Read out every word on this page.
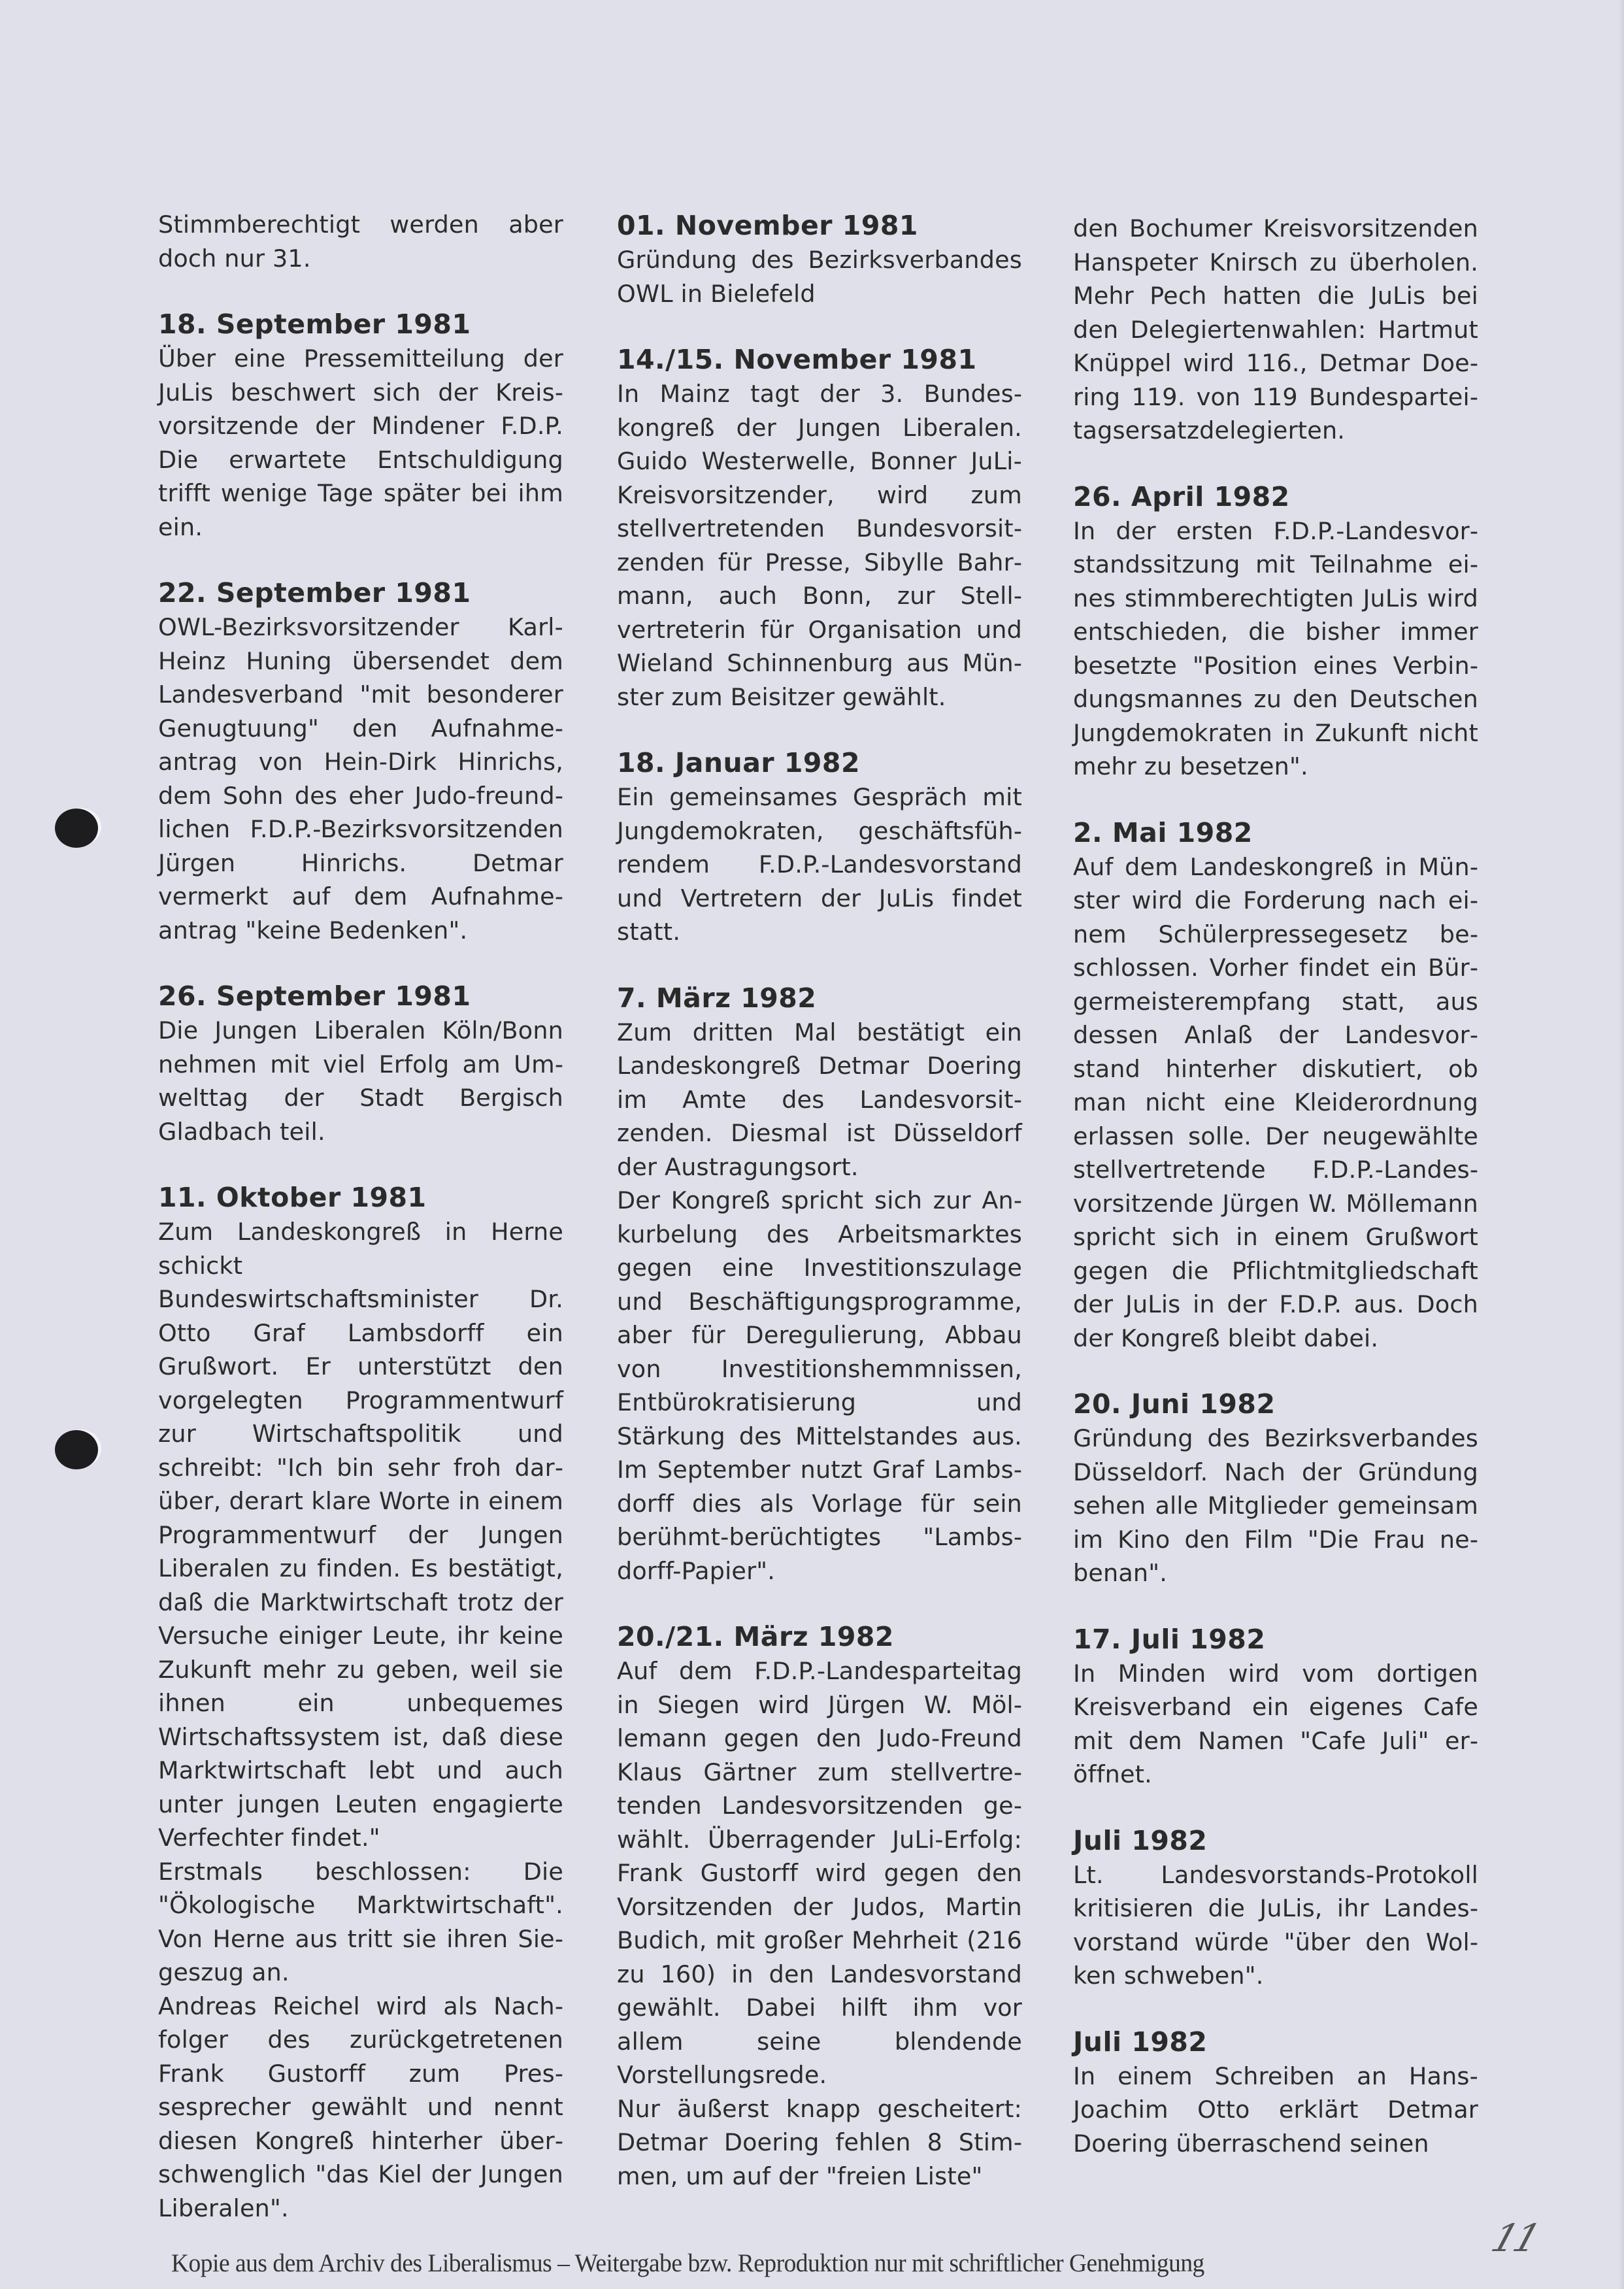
Stimmberechtigt werden aber doch nur 31.

18. September 1981

Über eine Pressemitteilung der JuLis beschwert sich der Kreisvorsitzende der Mindener F.D.P. Die erwartete Entschuldigung trifft wenige Tage später bei ihm ein.

22. September 1981

OWL-Bezirksvorsitzender Karl-Heinz Huning übersendet dem Landesverband "mit besonderer Genugtuung" den Aufnahmeantrag von Hein-Dirk Hinrichs, dem Sohn des eher Judo-freundlichen F.D.P.-Bezirksvorsitzenden Jürgen Hinrichs. Detmar vermerkt auf dem Aufnahmeantrag "keine Bedenken".

26. September 1981

Die Jungen Liberalen Köln/Bonn nehmen mit viel Erfolg am Umwelttag der Stadt Bergisch Gladbach teil.

11. Oktober 1981

Zum Landeskongreß in Herne schickt Bundeswirtschaftsminister Dr. Otto Graf Lambsdorff ein Grußwort. Er unterstützt den vorgelegten Programmentwurf zur Wirtschaftspolitik und schreibt: "Ich bin sehr froh darüber, derart klare Worte in einem Programmentwurf der Jungen Liberalen zu finden. Es bestätigt, daß die Marktwirtschaft trotz der Versuche einiger Leute, ihr keine Zukunft mehr zu geben, weil sie ihnen ein unbequemes Wirtschaftssystem ist, daß diese Marktwirtschaft lebt und auch unter jungen Leuten engagierte Verfechter findet."

Erstmals beschlossen: Die "Ökologische Marktwirtschaft". Von Herne aus tritt sie ihren Siegeszug an.

Andreas Reichel wird als Nachfolger des zurückgetretenen Frank Gustorff zum Pressesprecher gewählt und nennt diesen Kongreß hinterher überschwenglich "das Kiel der Jungen Liberalen".

01. November 1981

Gründung des Bezirksverbandes OWL in Bielefeld

14./15. November 1981

In Mainz tagt der 3. Bundeskongreß der Jungen Liberalen. Guido Westerwelle, Bonner JuLi-Kreisvorsitzender, wird zum stellvertretenden Bundesvorsitzenden für Presse, Sibylle Bahrmann, auch Bonn, zur Stellvertreterin für Organisation und Wieland Schinnenburg aus Münster zum Beisitzer gewählt.

18. Januar 1982

Ein gemeinsames Gespräch mit Jungdemokraten, geschäftsführendem F.D.P.-Landesvorstand und Vertretern der JuLis findet statt.

7. März 1982

Zum dritten Mal bestätigt ein Landeskongreß Detmar Doering im Amte des Landesvorsitzenden. Diesmal ist Düsseldorf der Austragungsort.

Der Kongreß spricht sich zur Ankurbelung des Arbeitsmarktes gegen eine Investitionszulage und Beschäftigungsprogramme, aber für Deregulierung, Abbau von Investitionshemmnissen, Entbürokratisierung und Stärkung des Mittelstandes aus. Im September nutzt Graf Lambsdorff dies als Vorlage für sein berühmt-berüchtigtes "Lambsdorff-Papier".

20./21. März 1982

Auf dem F.D.P.-Landesparteitag in Siegen wird Jürgen W. Möllemann gegen den Judo-Freund Klaus Gärtner zum stellvertretenden Landesvorsitzenden gewählt. Überragender JuLi-Erfolg: Frank Gustorff wird gegen den Vorsitzenden der Judos, Martin Budich, mit großer Mehrheit (216 zu 160) in den Landesvorstand gewählt. Dabei hilft ihm vor allem seine blendende Vorstellungsrede.

Nur äußerst knapp gescheitert: Detmar Doering fehlen 8 Stimmen, um auf der "freien Liste"

den Bochumer Kreisvorsitzenden Hanspeter Knirsch zu überholen. Mehr Pech hatten die JuLis bei den Delegiertenwahlen: Hartmut Knüppel wird 116., Detmar Doering 119. von 119 Bundesparteitagsersatzdelegierten.

26. April 1982

In der ersten F.D.P.-Landesvorstandssitzung mit Teilnahme eines stimmberechtigten JuLis wird entschieden, die bisher immer besetzte "Position eines Verbindungsmannes zu den Deutschen Jungdemokraten in Zukunft nicht mehr zu besetzen".

2. Mai 1982

Auf dem Landeskongreß in Münster wird die Forderung nach einem Schülerpressegesetz beschlossen. Vorher findet ein Bürgermeisterempfang statt, aus dessen Anlaß der Landesvorstand hinterher diskutiert, ob man nicht eine Kleiderordnung erlassen solle. Der neugewählte stellvertretende F.D.P.-Landesvorsitzende Jürgen W. Möllemann spricht sich in einem Grußwort gegen die Pflichtmitgliedschaft der JuLis in der F.D.P. aus. Doch der Kongreß bleibt dabei.

20. Juni 1982

Gründung des Bezirksverbandes Düsseldorf. Nach der Gründung sehen alle Mitglieder gemeinsam im Kino den Film "Die Frau nebenan".

17. Juli 1982

In Minden wird vom dortigen Kreisverband ein eigenes Cafe mit dem Namen "Cafe Juli" eröffnet.

Juli 1982

Lt. Landesvorstands-Protokoll kritisieren die JuLis, ihr Landesvorstand würde "über den Wolken schweben".

Juli 1982

In einem Schreiben an Hans-Joachim Otto erklärt Detmar Doering überraschend seinen

Kopie aus dem Archiv des Liberalismus – Weitergabe bzw. Reproduktion nur mit schriftlicher Genehmigung
11
